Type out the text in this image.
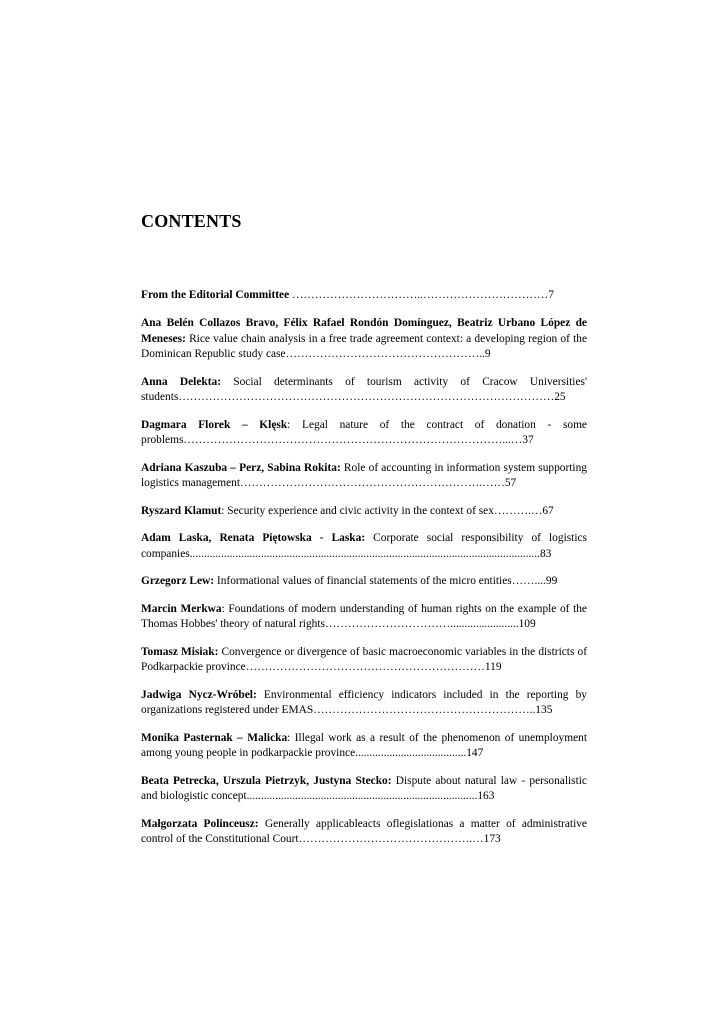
CONTENTS

From the Editorial Committee ……………………………..……………………………7

Ana Belén Collazos Bravo, Félix Rafael Rondón Domínguez, Beatriz Urbano López de Meneses: Rice value chain analysis in a free trade agreement context: a developing region of the Dominican Republic study case……………………………………………..9

Anna Delekta: Social determinants of tourism activity of Cracow Universities' students………………………………………………………………………………………25

Dagmara Florek – Klęsk: Legal nature of the contract of donation - some problems…………………………………………………………………………...…37

Adriana Kaszuba – Perz, Sabina Rokita: Role of accounting in information system supporting logistics management……………………………………………………….……57

Ryszard Klamut: Security experience and civic activity in the context of sex……….…67

Adam Laska, Renata Piętowska - Laska: Corporate social responsibility of logistics companies...........................................................................................................................83

Grzegorz Lew: Informational values of financial statements of the micro entities……....99

Marcin Merkwa: Foundations of modern understanding of human rights on the example of the Thomas Hobbes' theory of natural rights……………………………........................109

Tomasz Misiak: Convergence or divergence of basic macroeconomic variables in the districts of Podkarpackie province………………………………………………………119

Jadwiga Nycz-Wróbel: Environmental efficiency indicators included in the reporting by organizations registered under EMAS…………………………………………………..135

Monika Pasternak – Malicka: Illegal work as a result of the phenomenon of unemployment among young people in podkarpackie province.......................................147

Beata Petrecka, Urszula Pietrzyk, Justyna Stecko: Dispute about natural law - personalistic and biologistic concept.................................................................................163

Małgorzata Polinceusz: Generally applicableacts oflegislationas a matter of administrative control of the Constitutional Court……………………………………….…173
